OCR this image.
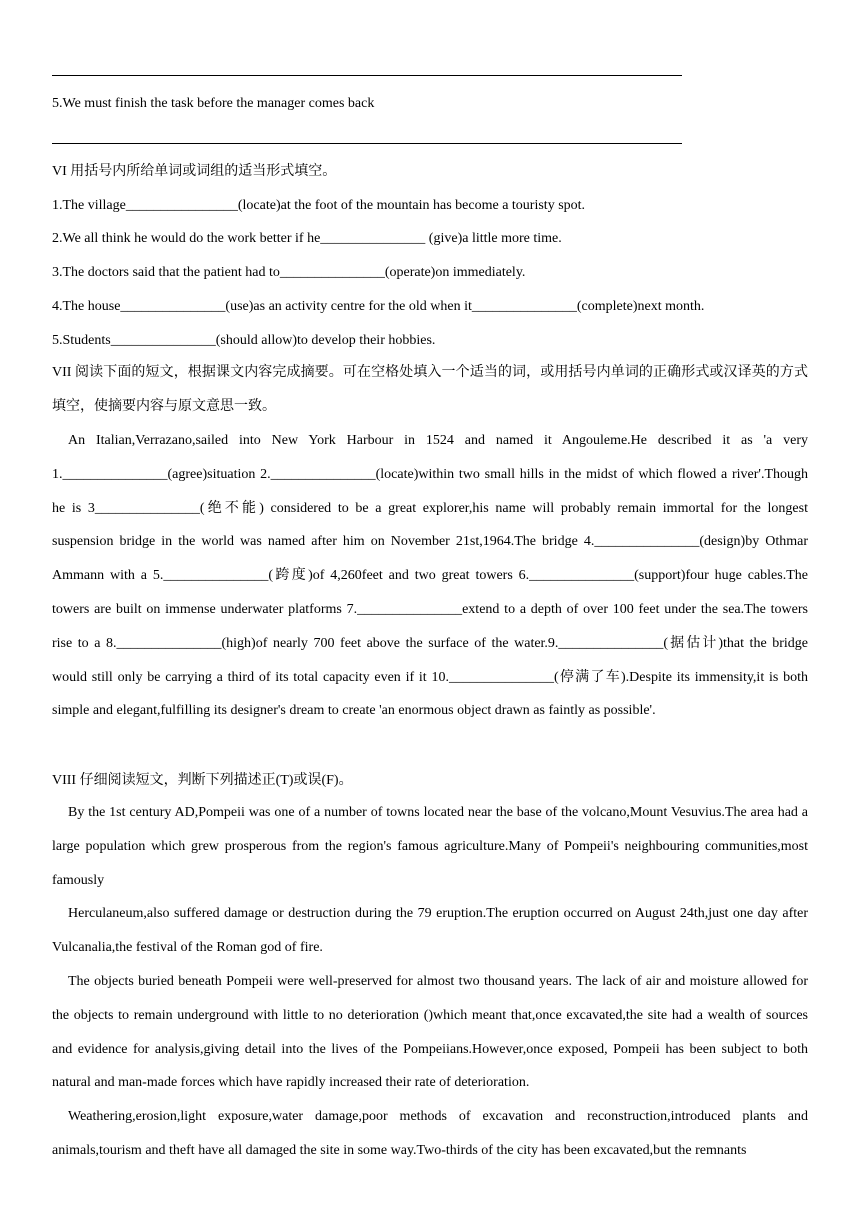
5.We must finish the task before the manager comes back
VI 用括号内所给单词或词组的适当形式填空。
1.The village________________(locate)at the foot of the mountain has become a touristy spot.
2.We all think he would do the work better if he_______________ (give)a little more time.
3.The doctors said that the patient had to_______________(operate)on immediately.
4.The house_______________(use)as an activity centre for the old when it_______________(complete)next month.
5.Students_______________(should allow)to develop their hobbies.

VII 阅读下面的短文，根据课文内容完成摘要。可在空格处填入一个适当的词，或用括号内单词的正确形式或汉译英的方式填空，使摘要内容与原文意思一致。

An Italian,Verrazano,sailed into New York Harbour in 1524 and named it Angouleme.He described it as 'a very 1._______________(agree)situation 2._______________(locate)within two small hills in the midst of which flowed a river'.Though he is 3_______________(绝不能) considered to be a great explorer,his name will probably remain immortal for the longest suspension bridge in the world was named after him on November 21st,1964.The bridge 4._______________(design)by Othmar Ammann with a 5._______________(跨度)of 4,260feet and two great towers 6._______________(support)four huge cables.The towers are built on immense underwater platforms 7._______________extend to a depth of over 100 feet under the sea.The towers rise to a 8._______________(high)of nearly 700 feet above the surface of the water.9._______________(据估计)that the bridge would still only be carrying a third of its total capacity even if it 10._______________(停满了车).Despite its immensity,it is both simple and elegant,fulfilling its designer's dream to create 'an enormous object drawn as faintly as possible'.

VIII 仔细阅读短文，判断下列描述正(T)或误(F)。

By the 1st century AD,Pompeii was one of a number of towns located near the base of the volcano,Mount Vesuvius.The area had a large population which grew prosperous from the region's famous agriculture.Many of Pompeii's neighbouring communities,most famously

Herculaneum,also suffered damage or destruction during the 79 eruption.The eruption occurred on August 24th,just one day after Vulcanalia,the festival of the Roman god of fire.

The objects buried beneath Pompeii were well-preserved for almost two thousand years. The lack of air and moisture allowed for the objects to remain underground with little to no deterioration ()which meant that,once excavated,the site had a wealth of sources and evidence for analysis,giving detail into the lives of the Pompeiians.However,once exposed, Pompeii has been subject to both natural and man-made forces which have rapidly increased their rate of deterioration.

Weathering,erosion,light exposure,water damage,poor methods of excavation and reconstruction,introduced plants and animals,tourism and theft have all damaged the site in some way.Two-thirds of the city has been excavated,but the remnants
